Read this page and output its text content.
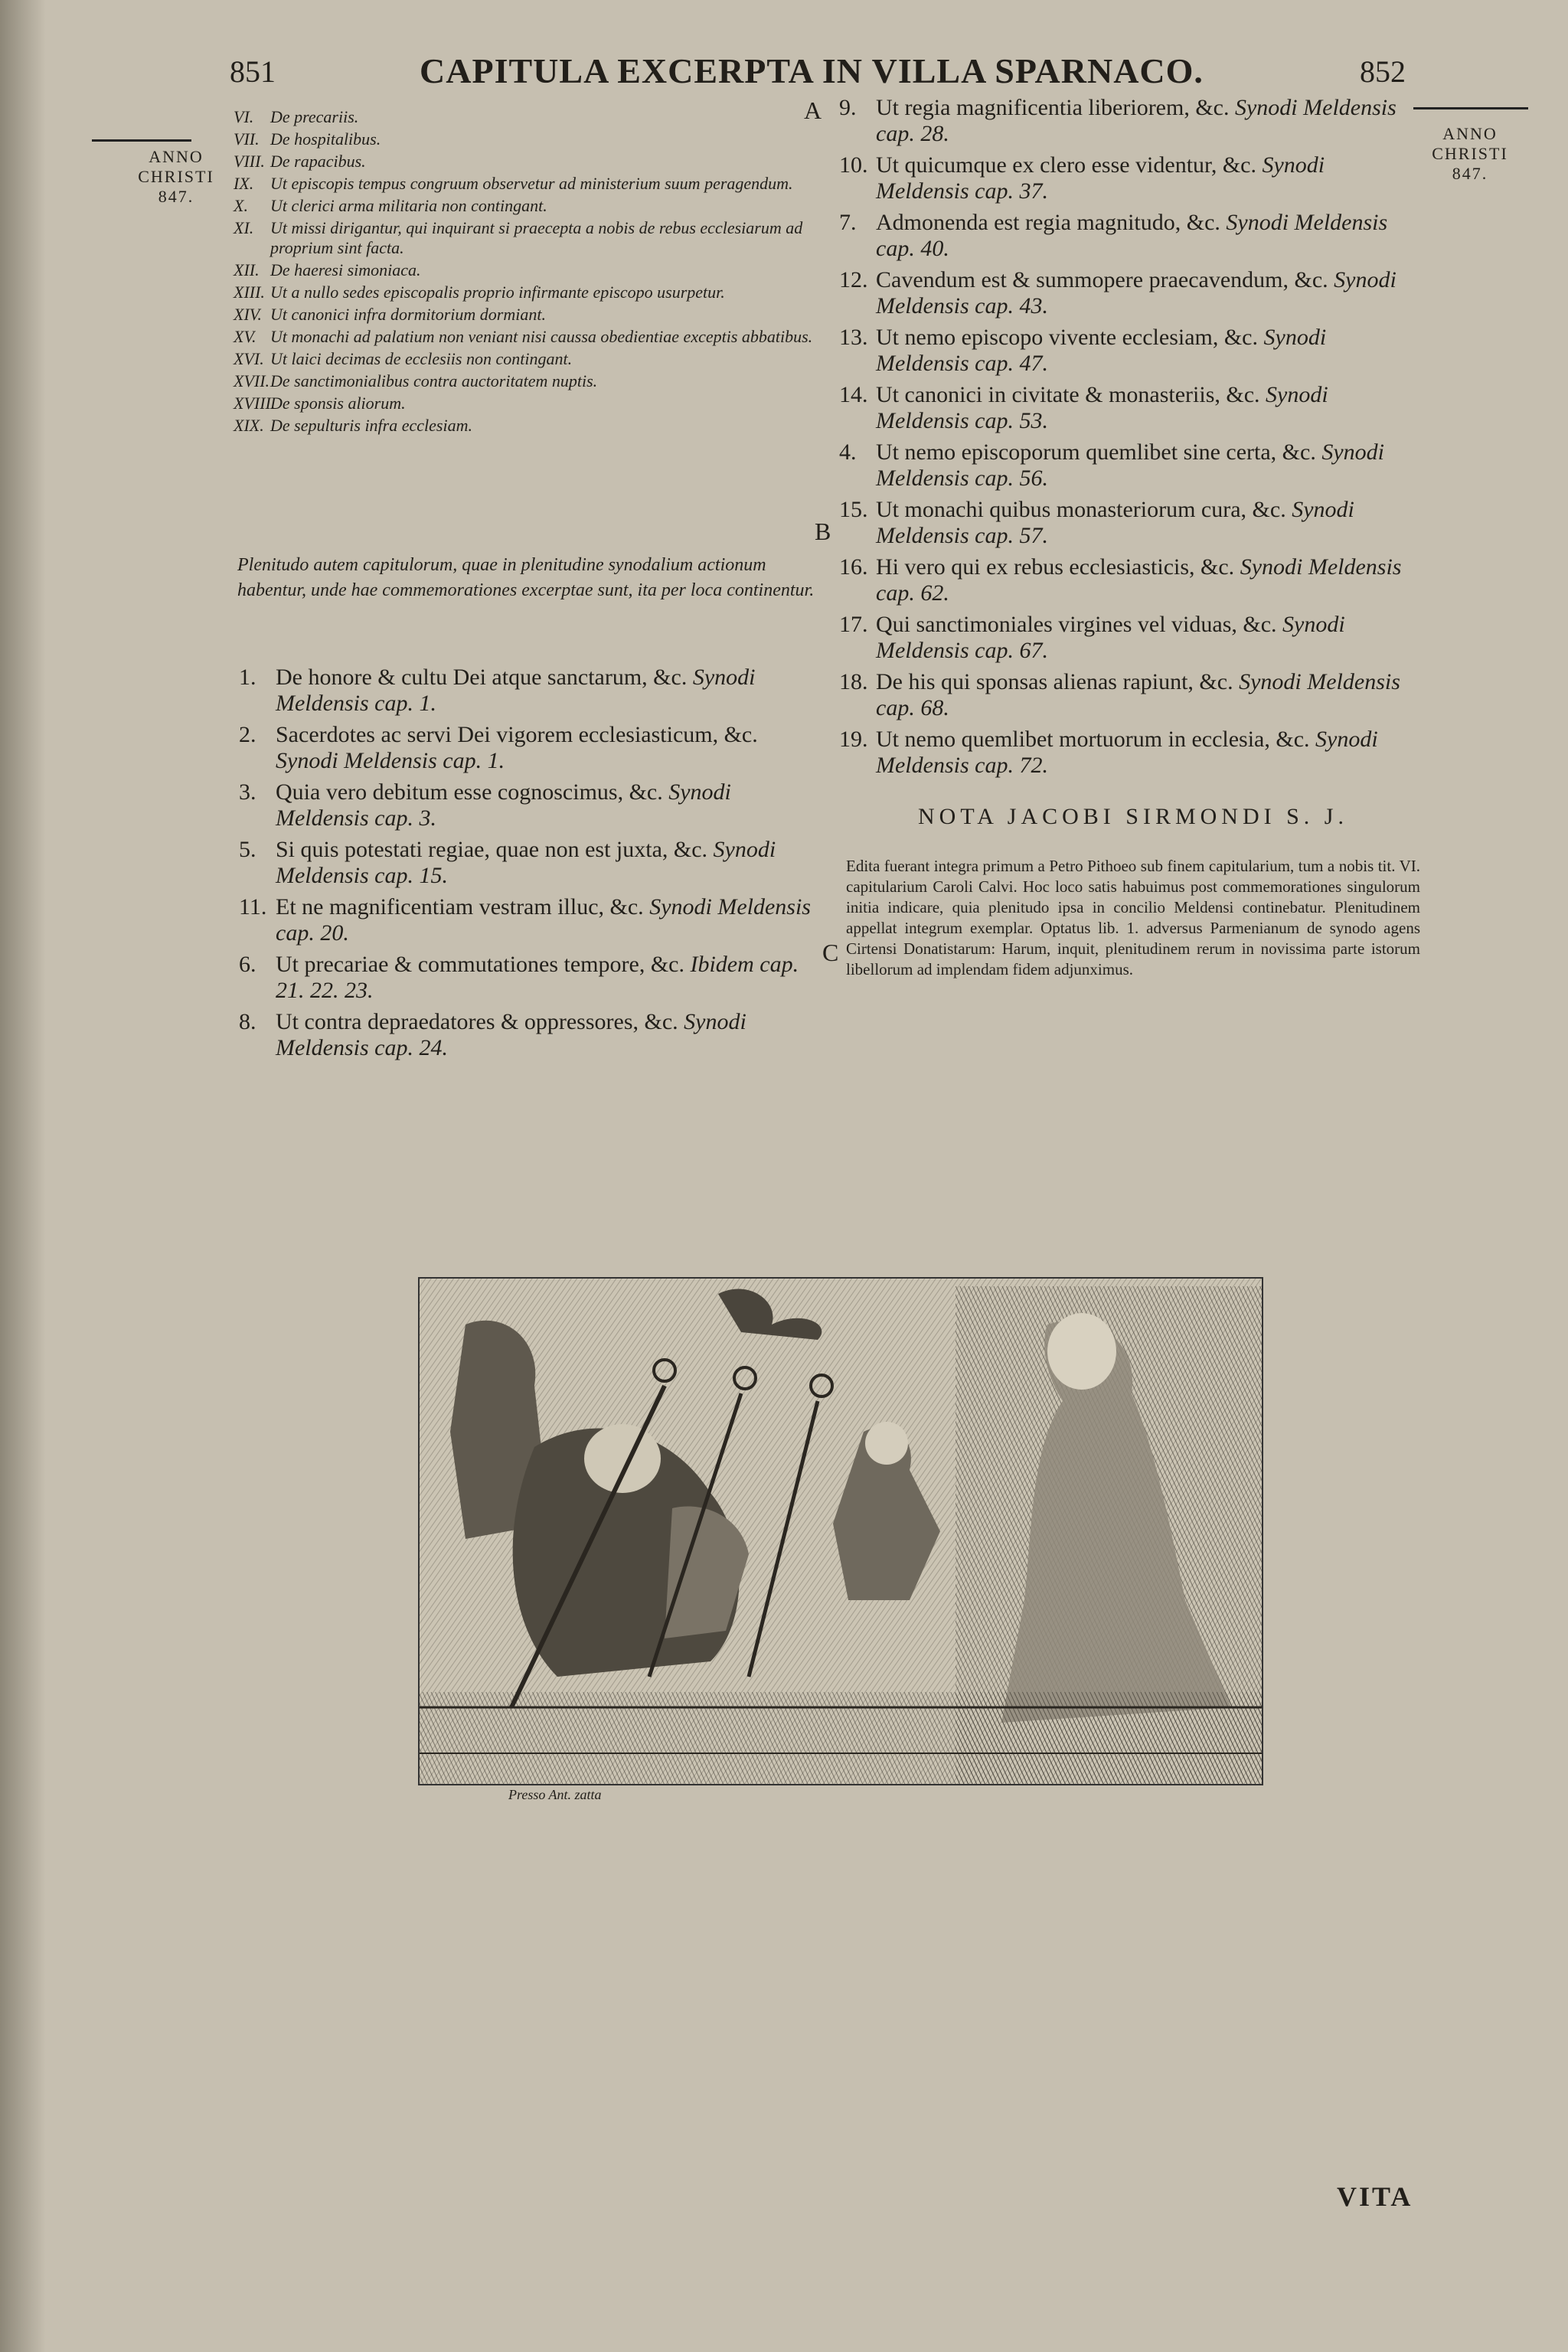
851	CAPITULA EXCERPTA IN VILLA SPARNACO.	852
ANNO
CHRISTI
847.
ANNO
CHRISTI
847.
VI. De precariis.
VII. De hospitalibus.
VIII. De rapacibus.
IX. Ut episcopis tempus congruum observetur ad ministerium suum peragendum.
X. Ut clerici arma militaria non contingant.
XI. Ut missi dirigantur, qui inquirant si praecepta a nobis de rebus ecclesiarum ad proprium sint facta.
XII. De haeresi simoniaca.
XIII. Ut a nullo sedes episcopalis proprio infirmante episcopo usurpetur.
XIV. Ut canonici infra dormitorium dormiant.
XV. Ut monachi ad palatium non veniant nisi caussa obedientiae exceptis abbatibus.
XVI. Ut laici decimas de ecclesiis non contingant.
XVII. De sanctimonialibus contra auctoritatem nuptis.
XVIII.
De sponsis aliorum.
XIX. De sepulturis infra ecclesiam.
Plenitudo autem capitulorum, quae in plenitudine synodalium actionum habentur, unde hae commemorationes excerptae sunt, ita per loca continentur.
1. De honore & cultu Dei atque sanctarum, &c. Synodi Meldensis cap. 1.
2. Sacerdotes ac servi Dei vigorem ecclesiasticum, &c. Synodi Meldensis cap. 1.
3. Quia vero debitum esse cognoscimus, &c. Synodi Meldensis cap. 3.
5. Si quis potestati regiae, quae non est juxta, &c. Synodi Meldensis cap. 15.
11. Et ne magnificentiam vestram illuc, &c. Synodi Meldensis cap. 20.
6. Ut precariae & commutationes tempore, &c. Ibidem cap. 21. 22. 23.
8. Ut contra depraedatores & oppressores, &c. Synodi Meldensis cap. 24.
A
B
C
9. Ut regia magnificentia liberiorem, &c. Synodi Meldensis cap. 28.
10. Ut quicumque ex clero esse videntur, &c. Synodi Meldensis cap. 37.
7. Admonenda est regia magnitudo, &c. Synodi Meldensis cap. 40.
12. Cavendum est & summopere praecavendum, &c. Synodi Meldensis cap. 43.
13. Ut nemo episcopo vivente ecclesiam, &c. Synodi Meldensis cap. 47.
14. Ut canonici in civitate & monasteriis, &c. Synodi Meldensis cap. 53.
4. Ut nemo episcoporum quemlibet sine certa, &c. Synodi Meldensis cap. 56.
15. Ut monachi quibus monasteriorum cura, &c. Synodi Meldensis cap. 57.
16. Hi vero qui ex rebus ecclesiasticis, &c. Synodi Meldensis cap. 62.
17. Qui sanctimoniales virgines vel viduas, &c. Synodi Meldensis cap. 67.
18. De his qui sponsas alienas rapiunt, &c. Synodi Meldensis cap. 68.
19. Ut nemo quemlibet mortuorum in ecclesia, &c. Synodi Meldensis cap. 72.
NOTA JACOBI SIRMONDI S. J.
Edita fuerant integra primum a Petro Pithoeo sub finem capitularium, tum a nobis tit. VI. capitularium Caroli Calvi. Hoc loco satis habuimus post commemorationes singulorum initia indicare, quia plenitudo ipsa in concilio Meldensi continebatur. Plenitudinem appellat integrum exemplar. Optatus lib. 1. adversus Parmenianum de synodo agens Cirtensi Donatistarum: Harum, inquit, plenitudinem rerum in novissima parte istorum libellorum ad implendam fidem adjunximus.
Presso Ant. zatta
VITA
